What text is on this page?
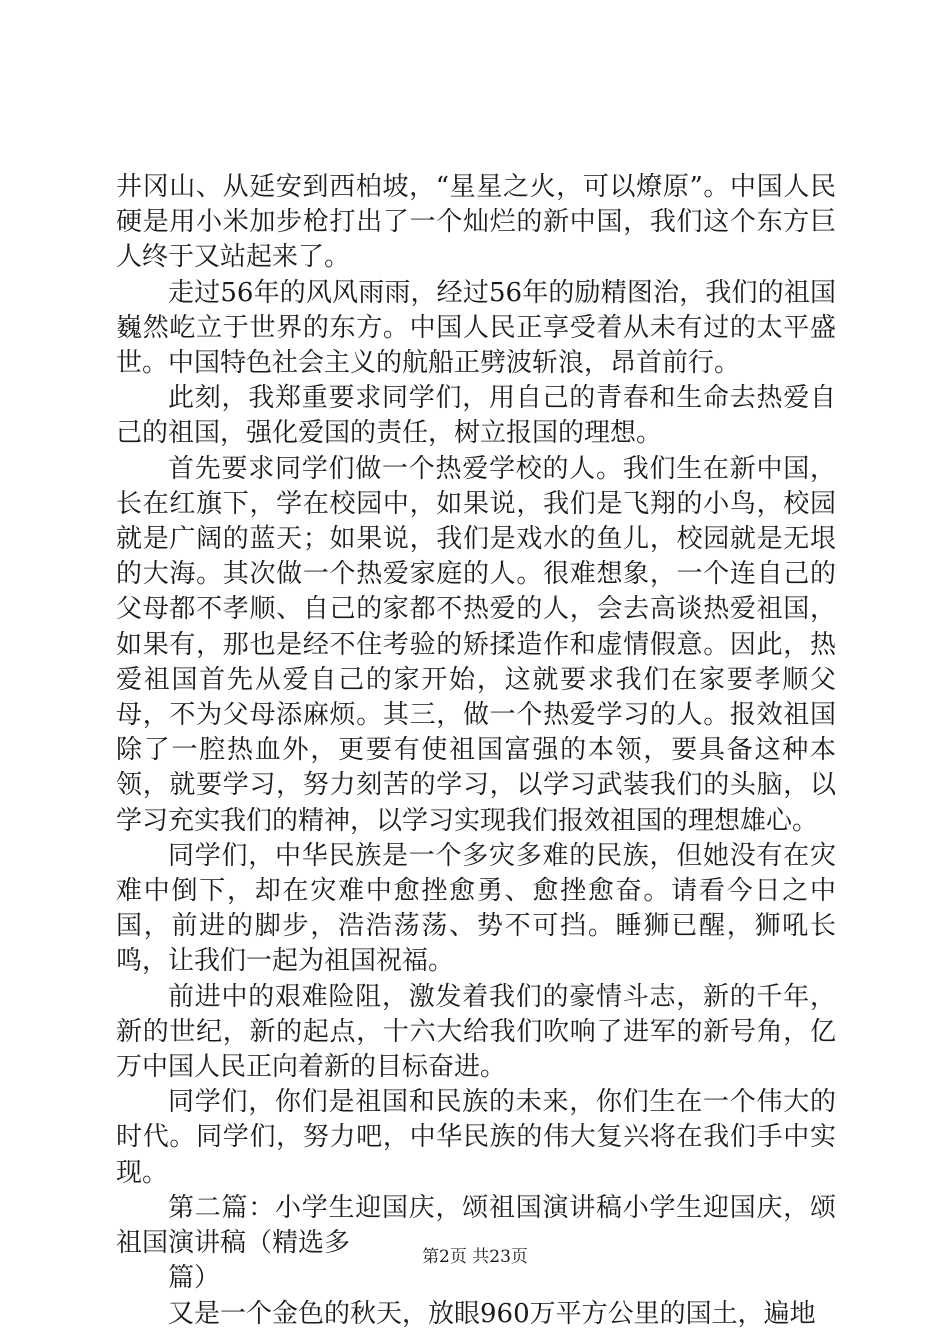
井冈山、从延安到西柏坡，“星星之火，可以燎原”。中国人民硬是用小米加步枪打出了一个灿烂的新中国，我们这个东方巨人终于又站起来了。

走过56年的风风雨雨，经过56年的励精图治，我们的祖国巍然屹立于世界的东方。中国人民正享受着从未有过的太平盛世。中国特色社会主义的航船正劈波斩浪，昂首前行。

此刻，我郑重要求同学们，用自己的青春和生命去热爱自己的祖国，强化爱国的责任，树立报国的理想。

首先要求同学们做一个热爱学校的人。我们生在新中国，长在红旗下，学在校园中，如果说，我们是飞翔的小鸟，校园就是广阔的蓝天；如果说，我们是戏水的鱼儿，校园就是无垠的大海。其次做一个热爱家庭的人。很难想象，一个连自己的父母都不孝顺、自己的家都不热爱的人，会去高谈热爱祖国，如果有，那也是经不住考验的矫揉造作和虚情假意。因此，热爱祖国首先从爱自己的家开始，这就要求我们在家要孝顺父母，不为父母添麻烦。其三，做一个热爱学习的人。报效祖国除了一腔热血外，更要有使祖国富强的本领，要具备这种本领，就要学习，努力刻苦的学习，以学习武装我们的头脑，以学习充实我们的精神，以学习实现我们报效祖国的理想雄心。

同学们，中华民族是一个多灾多难的民族，但她没有在灾难中倒下，却在灾难中愈挫愈勇、愈挫愈奋。请看今日之中国，前进的脚步，浩浩荡荡、势不可挡。睡狮已醒，狮吼长鸣，让我们一起为祖国祝福。

前进中的艰难险阻，激发着我们的豪情斗志，新的千年，新的世纪，新的起点，十六大给我们吹响了进军的新号角，亿万中国人民正向着新的目标奋进。

同学们，你们是祖国和民族的未来，你们生在一个伟大的时代。同学们，努力吧，中华民族的伟大复兴将在我们手中实现。

第二篇：小学生迎国庆，颂祖国演讲稿小学生迎国庆，颂祖国演讲稿（精选多

篇）

又是一个金色的秋天，放眼960万平方公里的国土，遍地

第2页 共23页
